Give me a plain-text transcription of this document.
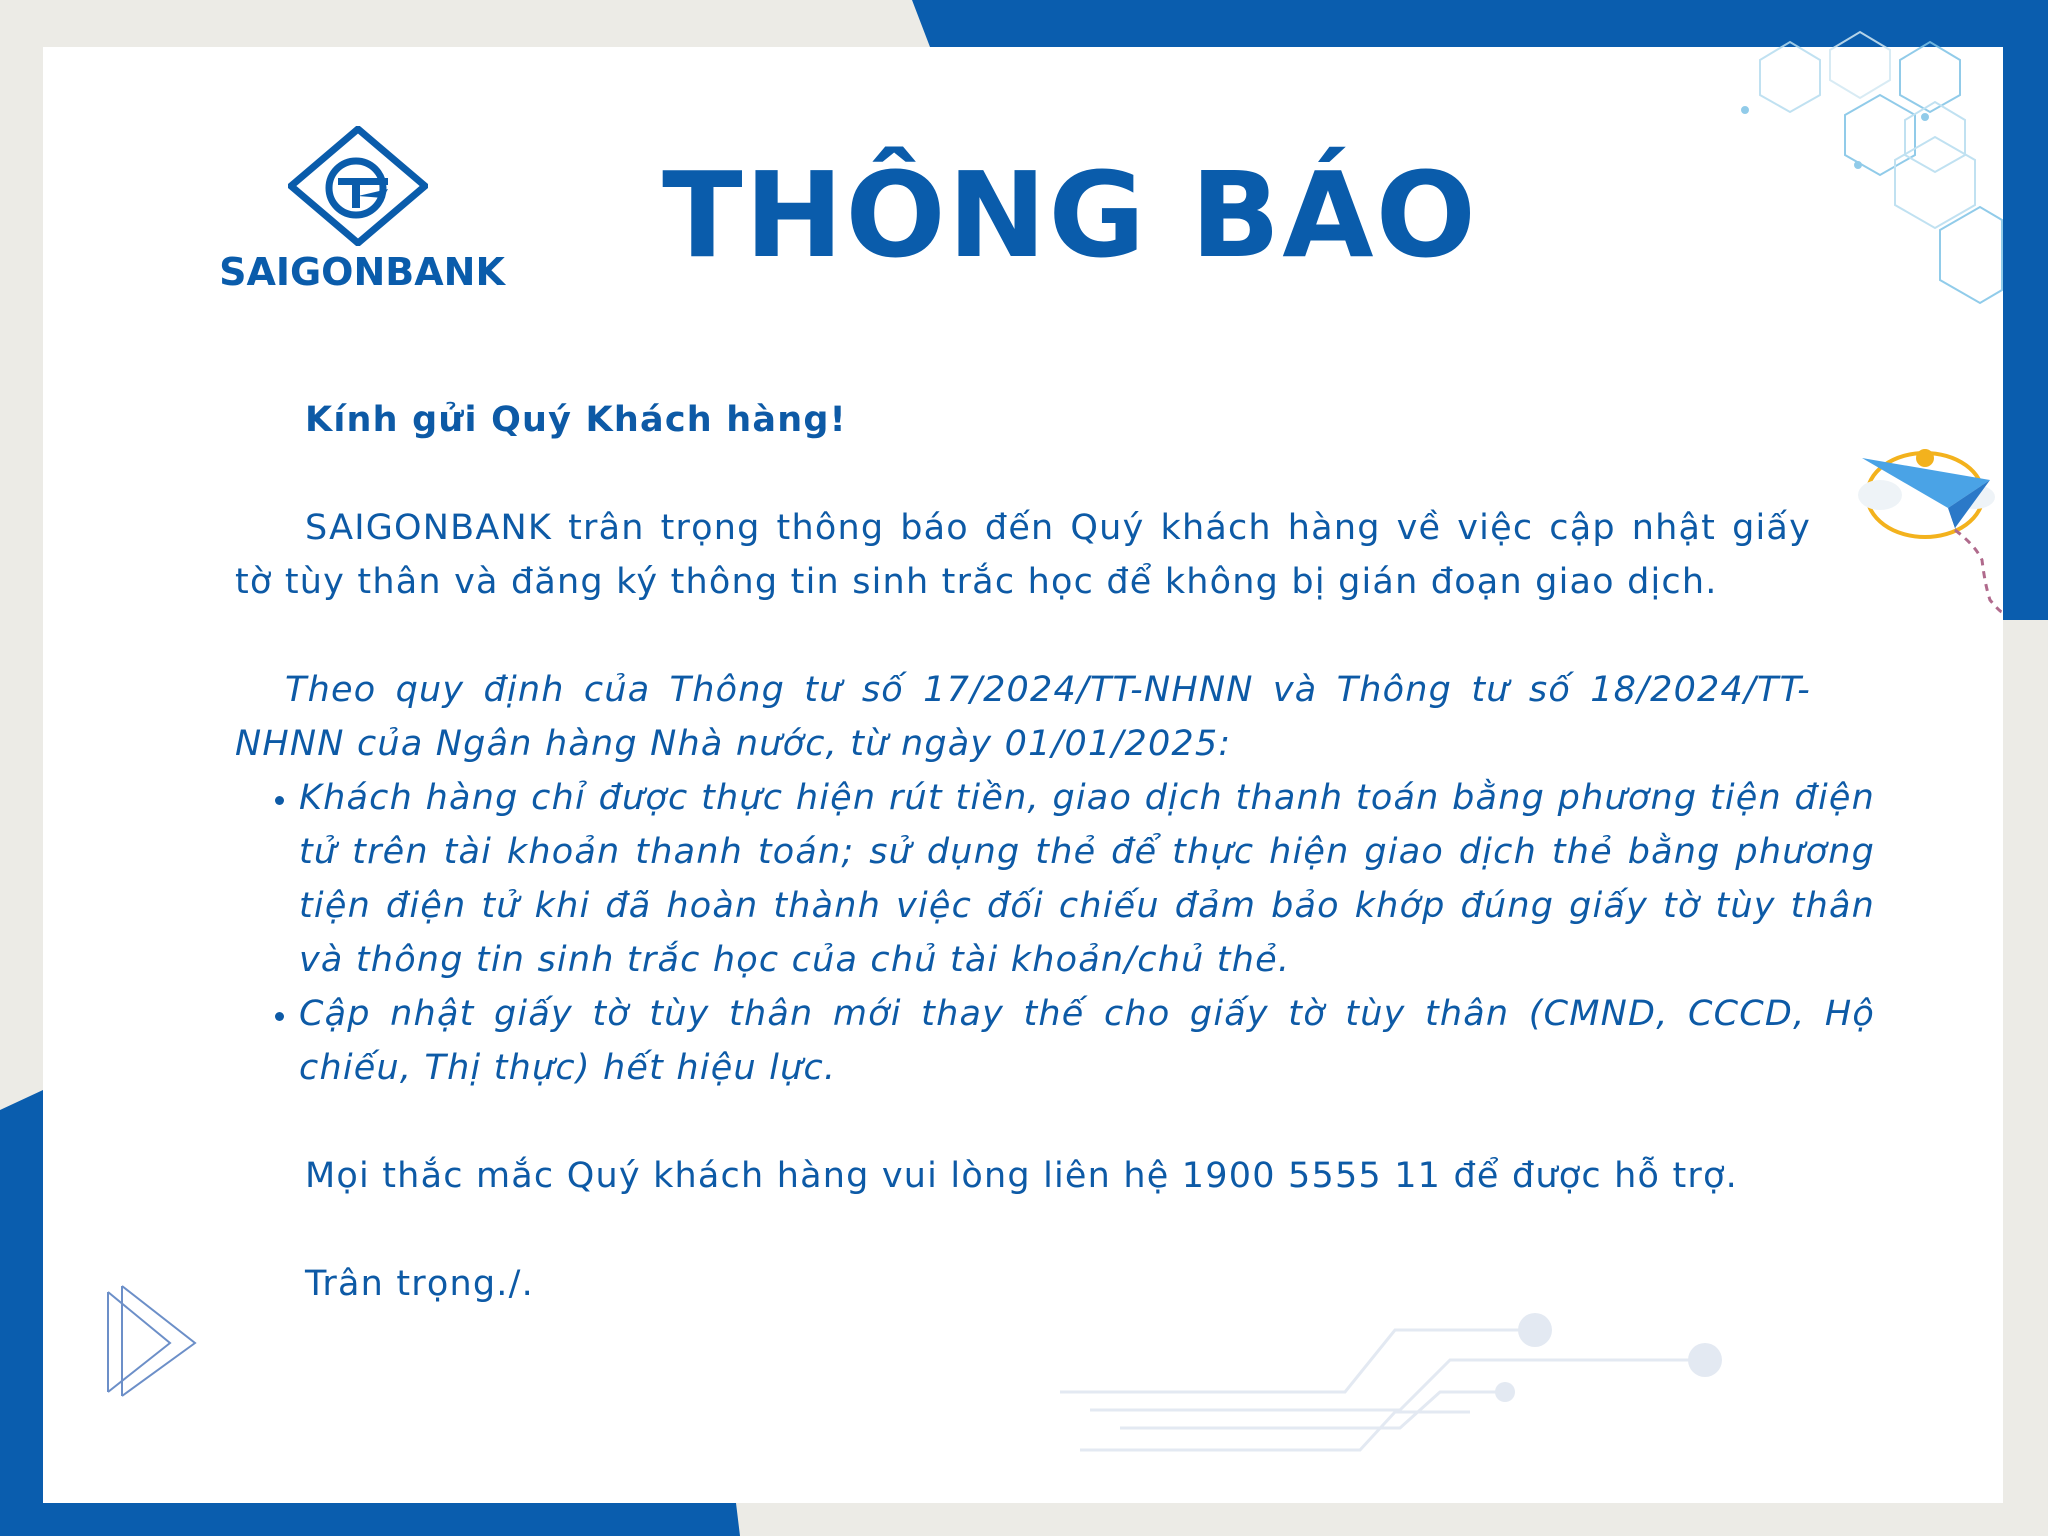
SAIGONBANK	THÔNG BÁO
Kính gửi Quý Khách hàng!
SAIGONBANK trân trọng thông báo đến Quý khách hàng về việc cập nhật giấy tờ tùy thân và đăng ký thông tin sinh trắc học để không bị gián đoạn giao dịch.
Theo quy định của Thông tư số 17/2024/TT-NHNN và Thông tư số 18/2024/TT-NHNN của Ngân hàng Nhà nước, từ ngày 01/01/2025:
• Khách hàng chỉ được thực hiện rút tiền, giao dịch thanh toán bằng phương tiện điện tử trên tài khoản thanh toán; sử dụng thẻ để thực hiện giao dịch thẻ bằng phương tiện điện tử khi đã hoàn thành việc đối chiếu đảm bảo khớp đúng giấy tờ tùy thân và thông tin sinh trắc học của chủ tài khoản/chủ thẻ.
• Cập nhật giấy tờ tùy thân mới thay thế cho giấy tờ tùy thân (CMND, CCCD, Hộ chiếu, Thị thực) hết hiệu lực.
Mọi thắc mắc Quý khách hàng vui lòng liên hệ 1900 5555 11 để được hỗ trợ.
Trân trọng./.
